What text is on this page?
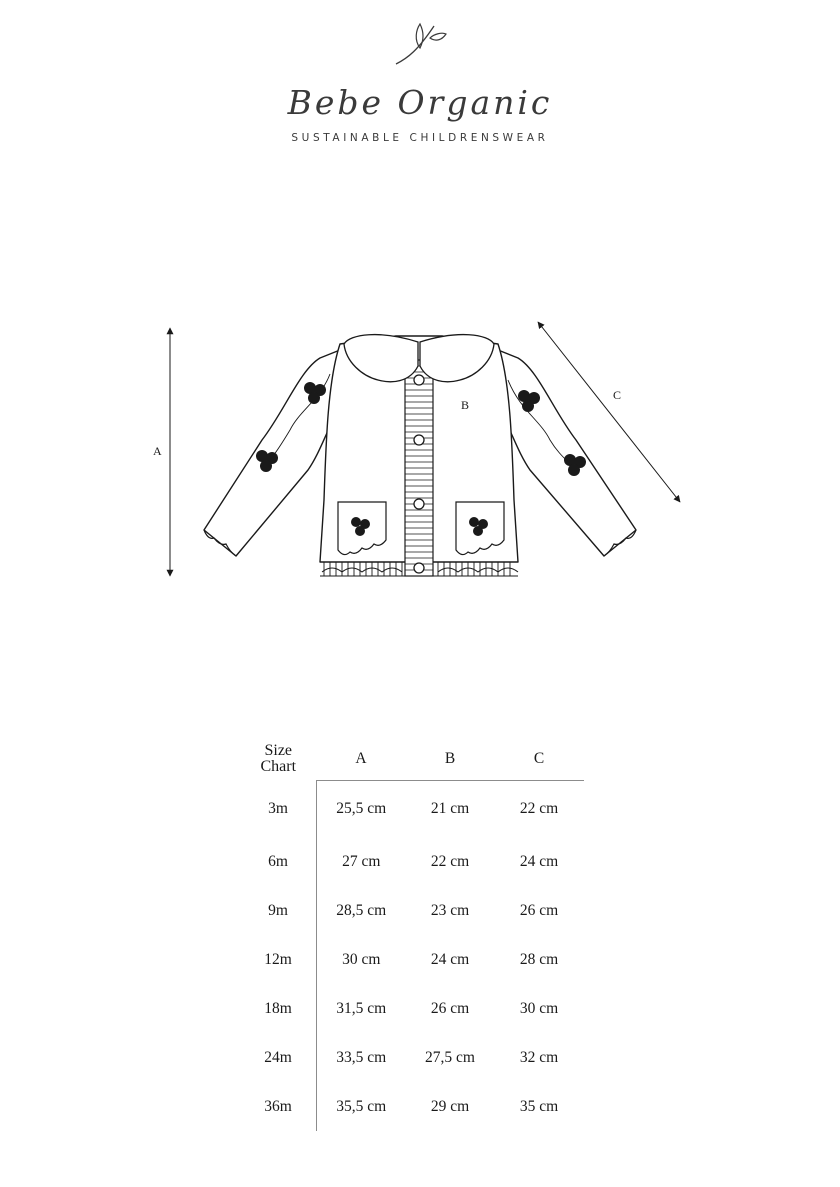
Bebe Organic
SUSTAINABLE CHILDRENSWEAR
A
B
C
Size
Chart	A	B	C
3m	25,5 cm	21 cm	22 cm
6m	27 cm	22 cm	24 cm
9m	28,5 cm	23 cm	26 cm
12m	30 cm	24 cm	28 cm
18m	31,5 cm	26 cm	30 cm
24m	33,5 cm	27,5 cm	32 cm
36m	35,5 cm	29 cm	35 cm
